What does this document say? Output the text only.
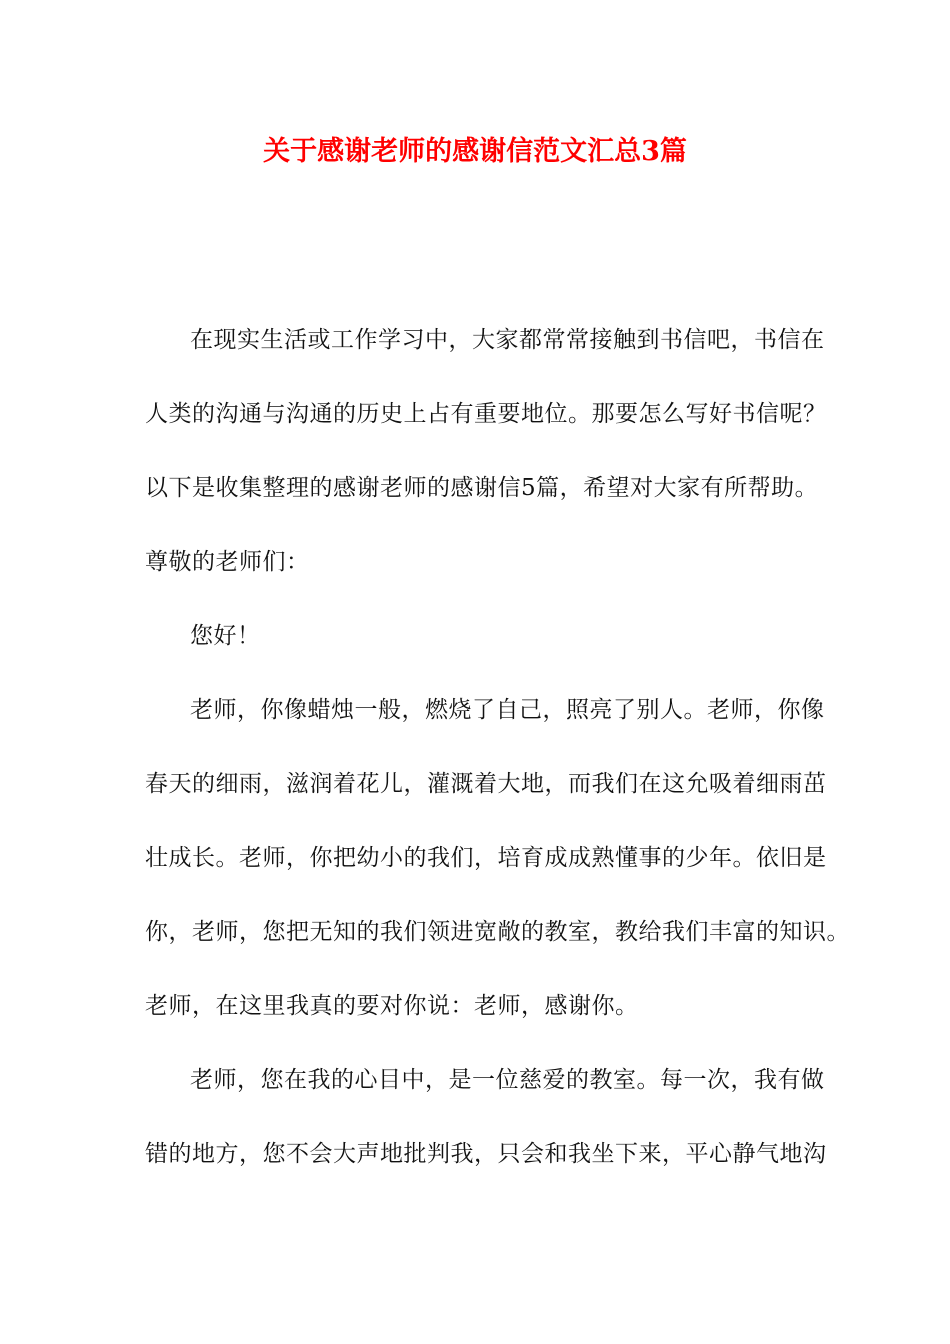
关于感谢老师的感谢信范文汇总3篇
在现实生活或工作学习中，大家都常常接触到书信吧，书信在
人类的沟通与沟通的历史上占有重要地位。那要怎么写好书信呢？
以下是收集整理的感谢老师的感谢信5篇，希望对大家有所帮助。
尊敬的老师们：
您好！
老师，你像蜡烛一般，燃烧了自己，照亮了别人。老师，你像
春天的细雨，滋润着花儿，灌溉着大地，而我们在这允吸着细雨茁
壮成长。老师，你把幼小的我们，培育成成熟懂事的少年。依旧是
你，老师，您把无知的我们领进宽敞的教室，教给我们丰富的知识。
老师，在这里我真的要对你说：老师，感谢你。
老师，您在我的心目中，是一位慈爱的教室。每一次，我有做
错的地方，您不会大声地批判我，只会和我坐下来，平心静气地沟
